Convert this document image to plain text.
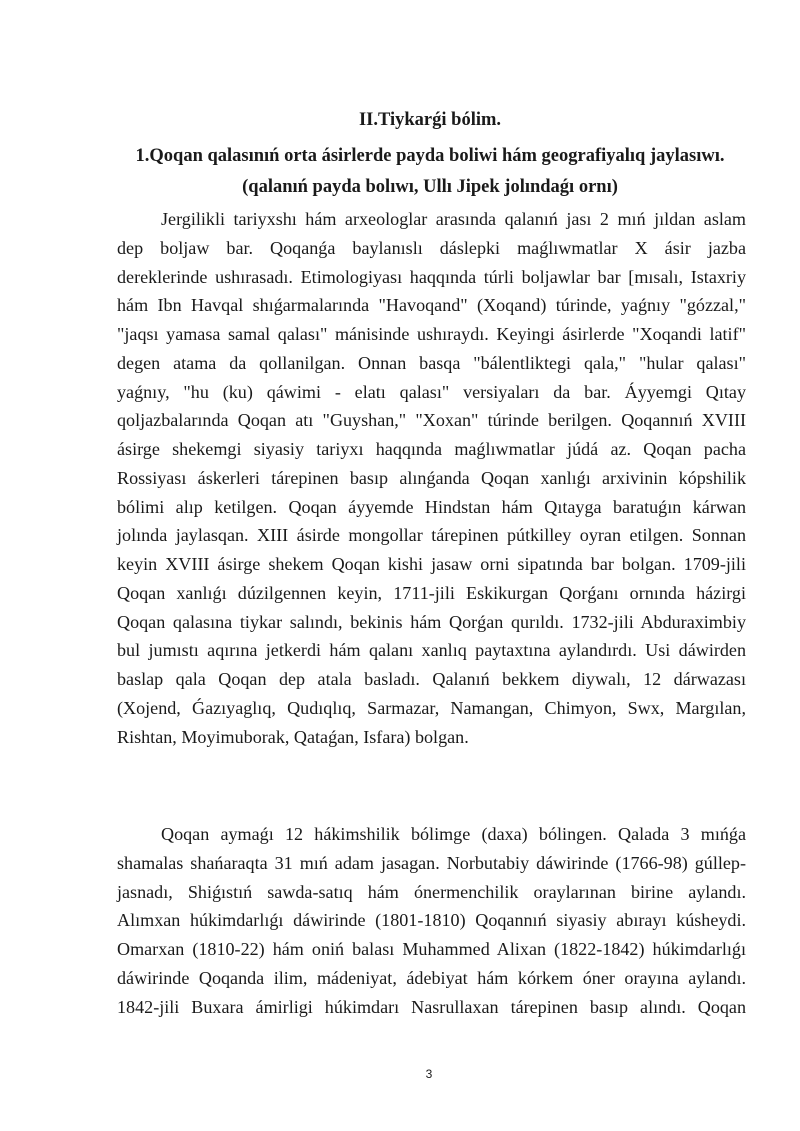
II.Tiykarǵi bólim.
1.Qoqan qalasınıń orta ásirlerde payda boliwi hám geografiyalıq jaylasıwı.
(qalanıń payda bolıwı, Ullı Jipek jolındaǵı ornı)
Jergilikli tariyxshı hám arxeologlar arasında qalanıń jası 2 mıń jıldan aslam
dep boljaw bar. Qoqanǵa baylanıslı dáslepki maǵlıwmatlar X ásir jazba
dereklerinde ushırasadı. Etimologiyası haqqında túrli boljawlar bar [mısalı, Istaxriy
hám Ibn Havqal shıǵarmalarında "Havoqand" (Xoqand) túrinde, yaǵnıy "gózzal,"
"jaqsı yamasa samal qalası" mánisinde ushıraydı. Keyingi ásirlerde "Xoqandi latif"
degen atama da qollanilgan. Onnan basqa "bálentliktegi qala," "hular qalası"
yaǵnıy, "hu (ku) qáwimi - elatı qalası" versiyaları da bar. Áyyemgi Qıtay
qoljazbalarında Qoqan atı "Guyshan," "Xoxan" túrinde berilgen. Qoqannıń XVIII
ásirge shekemgi siyasiy tariyxı haqqında maǵlıwmatlar júdá az. Qoqan pacha
Rossiyası áskerleri tárepinen basıp alınǵanda Qoqan xanlıǵı arxivinin kópshilik
bólimi alıp ketilgen. Qoqan áyyemde Hindstan hám Qıtayga baratuǵın kárwan
jolında jaylasqan. XIII ásirde mongollar tárepinen pútkilley oyran etilgen. Sonnan
keyin XVIII ásirge shekem Qoqan kishi jasaw orni sipatında bar bolgan. 1709-jili
Qoqan xanlıǵı dúzilgennen keyin, 1711-jili Eskikurgan Qorǵanı ornında házirgi
Qoqan qalasına tiykar salındı, bekinis hám Qorǵan qurıldı. 1732-jili Abduraximbiy
bul jumıstı aqırına jetkerdi hám qalanı xanlıq paytaxtına aylandırdı. Usi dáwirden
baslap qala Qoqan dep atala basladı. Qalanıń bekkem diywalı, 12 dárwazası
(Xojend, Ǵazıyaglıq, Qudıqlıq, Sarmazar, Namangan, Chimyon, Swx, Margılan,
Rishtan, Moyimuborak, Qataǵan, Isfara) bolgan.
Qoqan aymaǵı 12 hákimshilik bólimge (daxa) bólingen. Qalada 3 mıńǵa
shamalas shańaraqta 31 mıń adam jasagan. Norbutabiy dáwirinde (1766-98) gúllep-
jasnadı, Shiǵıstıń sawda-satıq hám ónermenchilik oraylarınan birine aylandı.
Alımxan húkimdarlıǵı dáwirinde (1801-1810) Qoqannıń siyasiy abırayı kúsheydi.
Omarxan (1810-22) hám oniń balası Muhammed Alixan (1822-1842) húkimdarlıǵı
dáwirinde Qoqanda ilim, mádeniyat, ádebiyat hám kórkem óner orayına aylandı.
1842-jili Buxara ámirligi húkimdarı Nasrullaxan tárepinen basıp alındı. Qoqan
3
